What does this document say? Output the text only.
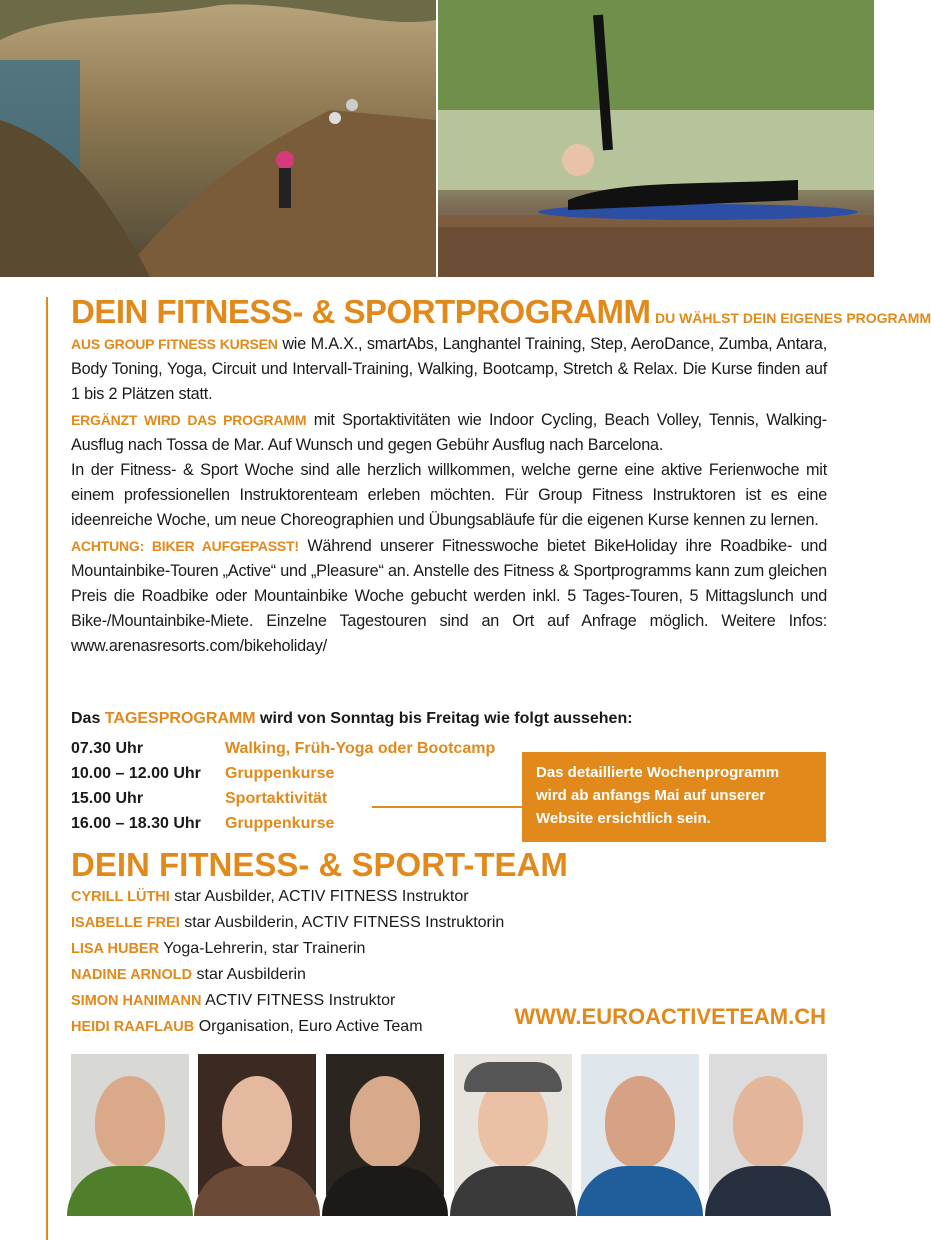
DEIN FITNESS- & SPORTPROGRAMM DU WÄHLST DEIN EIGENES PROGRAMM

AUS GROUP FITNESS KURSEN wie M.A.X., smartAbs, Langhantel Training, Step, AeroDance, Zumba, Antara, Body Toning, Yoga, Circuit und Intervall-Training, Walking, Bootcamp, Stretch & Relax. Die Kurse finden auf 1 bis 2 Plätzen statt.

ERGÄNZT WIRD DAS PROGRAMM mit Sportaktivitäten wie Indoor Cycling, Beach Volley, Tennis, Walking-Ausflug nach Tossa de Mar. Auf Wunsch und gegen Gebühr Ausflug nach Barcelona.

In der Fitness- & Sport Woche sind alle herzlich willkommen, welche gerne eine aktive Ferienwoche mit einem professionellen Instruktorenteam erleben möchten. Für Group Fitness Instruktoren ist es eine ideenreiche Woche, um neue Choreographien und Übungsabläufe für die eigenen Kurse kennen zu lernen.

ACHTUNG: BIKER AUFGEPASST! Während unserer Fitnesswoche bietet BikeHoliday ihre Roadbike- und Mountainbike-Touren „Active“ und „Pleasure“ an. Anstelle des Fitness & Sportprogramms kann zum gleichen Preis die Roadbike oder Mountainbike Woche gebucht werden inkl. 5 Tages-Touren, 5 Mittagslunch und Bike-/Mountainbike-Miete. Einzelne Tagestouren sind an Ort auf Anfrage möglich. Weitere Infos: www.arenasresorts.com/bikeholiday/

Das TAGESPROGRAMM wird von Sonntag bis Freitag wie folgt aussehen:
07.30 Uhr	Walking, Früh-Yoga oder Bootcamp
10.00 – 12.00 Uhr Gruppenkurse
15.00 Uhr	Sportaktivität
16.00 – 18.30 Uhr Gruppenkurse
Das detaillierte Wochenprogramm wird ab anfangs Mai auf unserer Website ersichtlich sein.
DEIN FITNESS- & SPORT-TEAM
CYRILL LÜTHI star Ausbilder, ACTIV FITNESS Instruktor
ISABELLE FREI star Ausbilderin, ACTIV FITNESS Instruktorin
LISA HUBER Yoga-Lehrerin, star Trainerin
NADINE ARNOLD star Ausbilderin
SIMON HANIMANN ACTIV FITNESS Instruktor
HEIDI RAAFLAUB Organisation, Euro Active Team	WWW.EUROACTIVETEAM.CH
